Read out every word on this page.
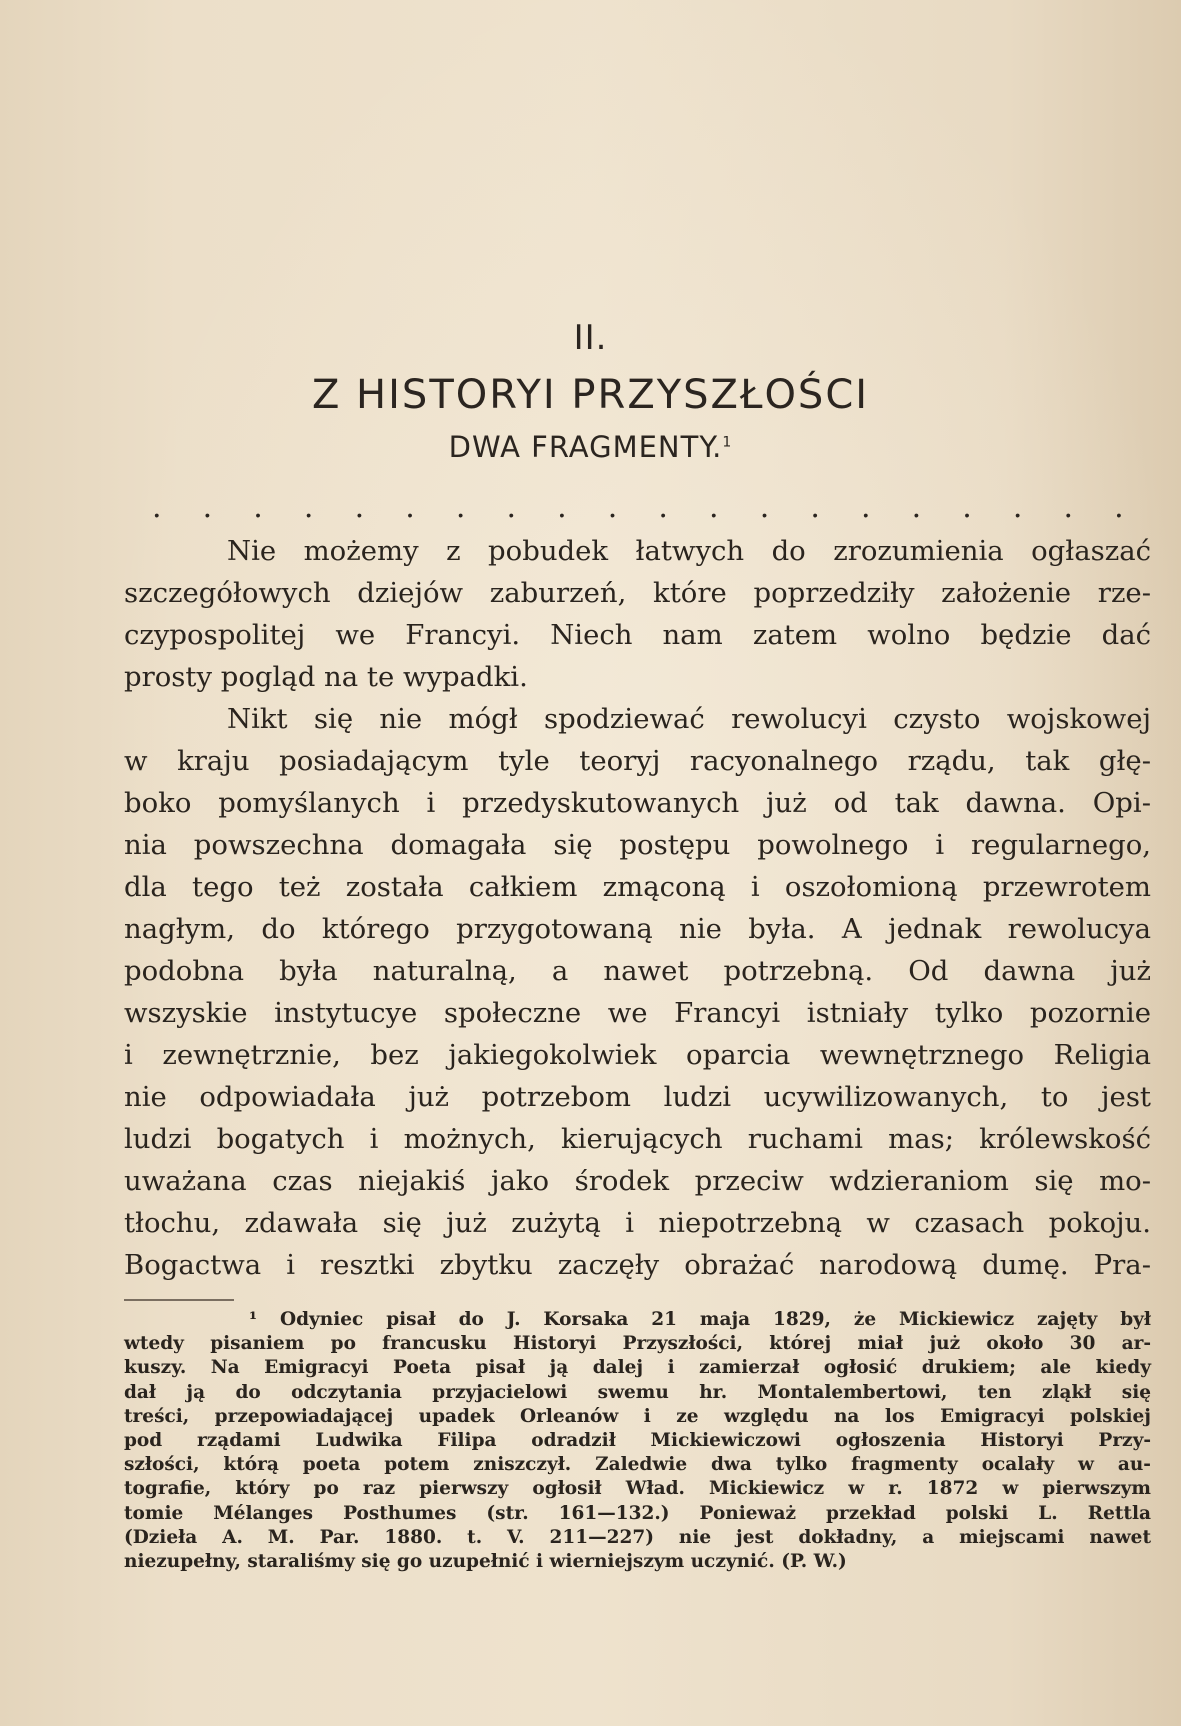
II.
Z HISTORYI PRZYSZŁOŚCI
DWA FRAGMENTY.$^1$
. . . . . . . . . . . . . . . . . . . .
Nie możemy z pobudek łatwych do zrozumienia ogłaszać
szczegółowych dziejów zaburzeń, które poprzedziły założenie rze-
czypospolitej we Francyi. Niech nam zatem wolno będzie dać
prosty pogląd na te wypadki.
Nikt się nie mógł spodziewać rewolucyi czysto wojskowej
w kraju posiadającym tyle teoryj racyonalnego rządu, tak głę-
boko pomyślanych i przedyskutowanych już od tak dawna. Opi-
nia powszechna domagała się postępu powolnego i regularnego,
dla tego też została całkiem zmąconą i oszołomioną przewrotem
nagłym, do którego przygotowaną nie była. A jednak rewolucya
podobna była naturalną, a nawet potrzebną. Od dawna już
wszyskie instytucye społeczne we Francyi istniały tylko pozornie
i zewnętrznie, bez jakiegokolwiek oparcia wewnętrznego Religia
nie odpowiadała już potrzebom ludzi ucywilizowanych, to jest
ludzi bogatych i możnych, kierujących ruchami mas; królewskość
uważana czas niejakiś jako środek przeciw wdzieraniom się mo-
tłochu, zdawała się już zużytą i niepotrzebną w czasach pokoju.
Bogactwa i resztki zbytku zaczęły obrażać narodową dumę. Pra-
¹ Odyniec pisał do J. Korsaka 21 maja 1829, że Mickiewicz zajęty był
wtedy pisaniem po francusku Historyi Przyszłości, której miał już około 30 ar-
kuszy. Na Emigracyi Poeta pisał ją dalej i zamierzał ogłosić drukiem; ale kiedy
dał ją do odczytania przyjacielowi swemu hr. Montalembertowi, ten zląkł się
treści, przepowiadającej upadek Orleanów i ze względu na los Emigracyi polskiej
pod rządami Ludwika Filipa odradził Mickiewiczowi ogłoszenia Historyi Przy-
szłości, którą poeta potem zniszczył. Zaledwie dwa tylko fragmenty ocalały w au-
tografie, który po raz pierwszy ogłosił Wład. Mickiewicz w r. 1872 w pierwszym
tomie Mélanges Posthumes (str. 161—132.) Ponieważ przekład polski L. Rettla
(Dzieła A. M. Par. 1880. t. V. 211—227) nie jest dokładny, a miejscami nawet
niezupełny, staraliśmy się go uzupełnić i wierniejszym uczynić. (P. W.)
